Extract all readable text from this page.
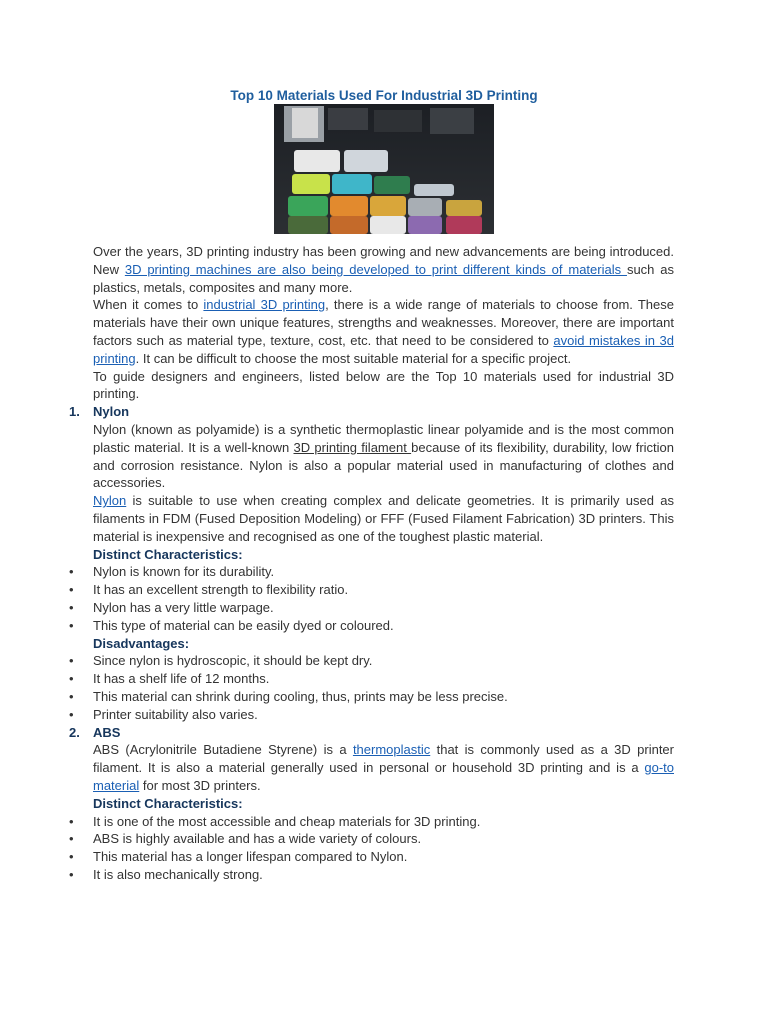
Top 10 Materials Used For Industrial 3D Printing

Over the years, 3D printing industry has been growing and new advancements are being introduced. New 3D printing machines are also being developed to print different kinds of materials such as plastics, metals, composites and many more.

When it comes to industrial 3D printing, there is a wide range of materials to choose from. These materials have their own unique features, strengths and weaknesses. Moreover, there are important factors such as material type, texture, cost, etc. that need to be considered to avoid mistakes in 3d printing. It can be difficult to choose the most suitable material for a specific project.

To guide designers and engineers, listed below are the Top 10 materials used for industrial 3D printing.

1. Nylon

Nylon (known as polyamide) is a synthetic thermoplastic linear polyamide and is the most common plastic material. It is a well-known 3D printing filament because of its flexibility, durability, low friction and corrosion resistance. Nylon is also a popular material used in manufacturing of clothes and accessories.

Nylon is suitable to use when creating complex and delicate geometries. It is primarily used as filaments in FDM (Fused Deposition Modeling) or FFF (Fused Filament Fabrication) 3D printers. This material is inexpensive and recognised as one of the toughest plastic material.

Distinct Characteristics:
• Nylon is known for its durability.
• It has an excellent strength to flexibility ratio.
• Nylon has a very little warpage.
• This type of material can be easily dyed or coloured.
Disadvantages:
• Since nylon is hydroscopic, it should be kept dry.
• It has a shelf life of 12 months.
• This material can shrink during cooling, thus, prints may be less precise.
• Printer suitability also varies.
2. ABS

ABS (Acrylonitrile Butadiene Styrene) is a thermoplastic that is commonly used as a 3D printer filament. It is also a material generally used in personal or household 3D printing and is a go-to material for most 3D printers.

Distinct Characteristics:
• It is one of the most accessible and cheap materials for 3D printing.
• ABS is highly available and has a wide variety of colours.
• This material has a longer lifespan compared to Nylon.
• It is also mechanically strong.
